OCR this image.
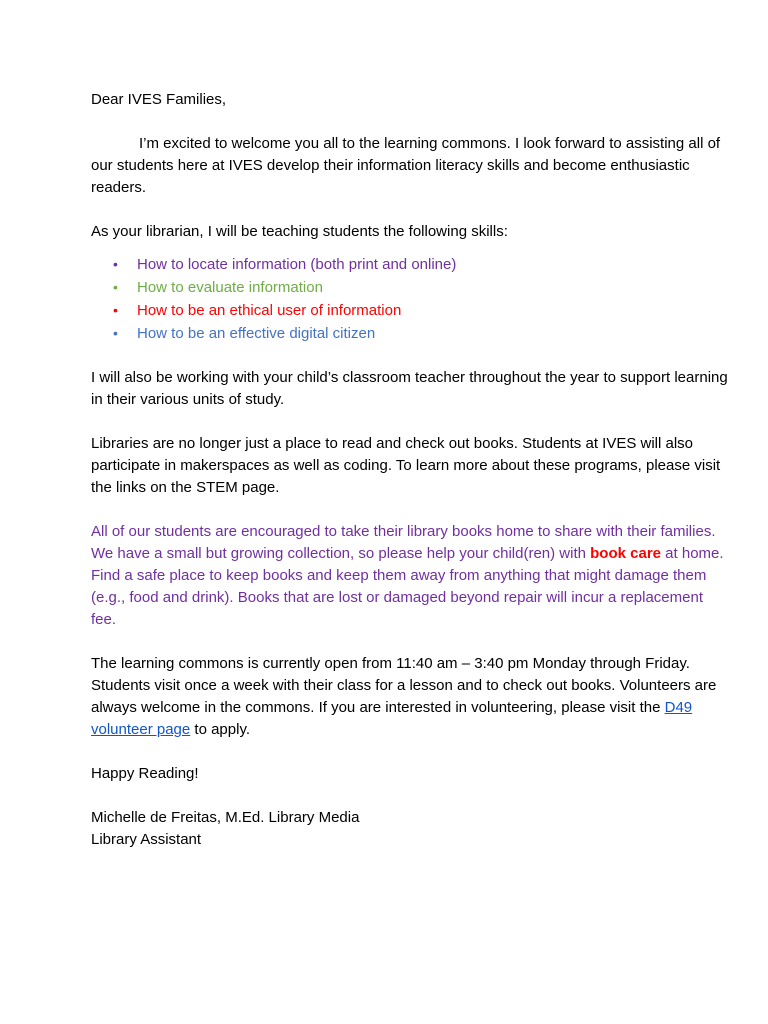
Dear IVES Families,

I’m excited to welcome you all to the learning commons. I look forward to assisting all of our students here at IVES develop their information literacy skills and become enthusiastic readers.

As your librarian, I will be teaching students the following skills:

• How to locate information (both print and online)
• How to evaluate information
• How to be an ethical user of information
• How to be an effective digital citizen

I will also be working with your child’s classroom teacher throughout the year to support learning in their various units of study.

Libraries are no longer just a place to read and check out books. Students at IVES will also participate in makerspaces as well as coding. To learn more about these programs, please visit the links on the STEM page.

All of our students are encouraged to take their library books home to share with their families. We have a small but growing collection, so please help your child(ren) with book care at home. Find a safe place to keep books and keep them away from anything that might damage them (e.g., food and drink). Books that are lost or damaged beyond repair will incur a replacement fee.

The learning commons is currently open from 11:40 am – 3:40 pm Monday through Friday. Students visit once a week with their class for a lesson and to check out books. Volunteers are always welcome in the commons. If you are interested in volunteering, please visit the D49 volunteer page to apply.

Happy Reading!

Michelle de Freitas, M.Ed. Library Media

Library Assistant
